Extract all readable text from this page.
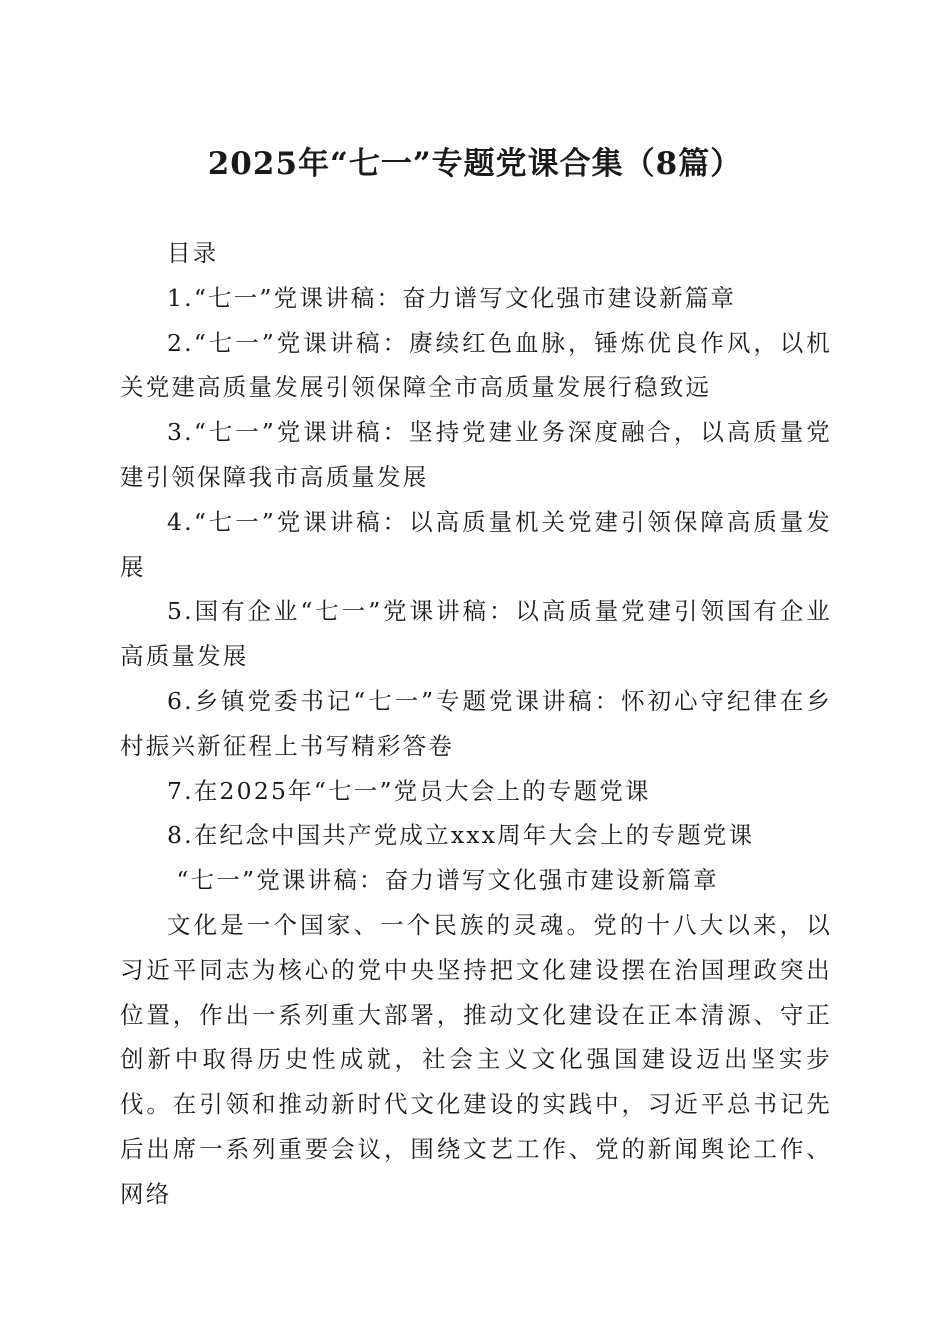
2025年“七一”专题党课合集（8篇）

目录

1.“七一”党课讲稿：奋力谱写文化强市建设新篇章

2.“七一”党课讲稿：赓续红色血脉，锤炼优良作风，以机关党建高质量发展引领保障全市高质量发展行稳致远

3.“七一”党课讲稿：坚持党建业务深度融合，以高质量党建引领保障我市高质量发展

4.“七一”党课讲稿：以高质量机关党建引领保障高质量发展

5.国有企业“七一”党课讲稿：以高质量党建引领国有企业高质量发展

6.乡镇党委书记“七一”专题党课讲稿：怀初心守纪律在乡村振兴新征程上书写精彩答卷

7.在2025年“七一”党员大会上的专题党课

8.在纪念中国共产党成立xxx周年大会上的专题党课

“七一”党课讲稿：奋力谱写文化强市建设新篇章

文化是一个国家、一个民族的灵魂。党的十八大以来，以习近平同志为核心的党中央坚持把文化建设摆在治国理政突出位置，作出一系列重大部署，推动文化建设在正本清源、守正创新中取得历史性成就，社会主义文化强国建设迈出坚实步伐。在引领和推动新时代文化建设的实践中，习近平总书记先后出席一系列重要会议，围绕文艺工作、党的新闻舆论工作、网络
